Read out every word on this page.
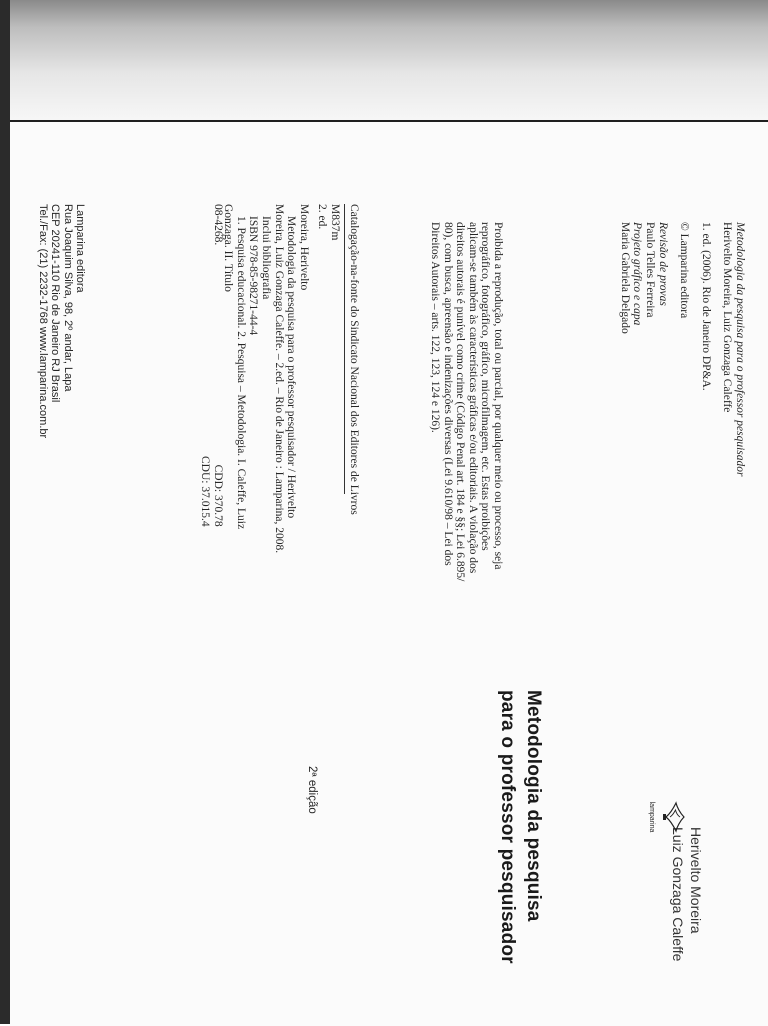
Metodologia da pesquisa para o professor pesquisador
Herivelto Moreira, Luiz Gonzaga Caleffe
1. ed. (2006). Rio de Janeiro DP&A.
© Lamparina editora
Revisão de provas
Paulo Telles Ferreira
Projeto gráfico e capa
Maria Gabriela Delgado
Proibida a reprodução, total ou parcial, por qualquer meio ou processo, seja
reprográfico, fotográfico, gráfico, microfilmagem, etc. Estas proibições
aplicam-se também às características gráficas e/ou editoriais. A violação dos
direitos autorais é punível como crime (Código Penal art. 184 e §§; Lei 6.895/
80), com busca, apreensão e indenizações diversas (Lei 9.610/98 – Lei dos
Direitos Autorais – arts. 122, 123, 124 e 126).
Catalogação-na-fonte do Sindicato Nacional dos Editores de Livros
M837m
2. ed.
Moreira, Herivelto
Metodologia da pesquisa para o professor pesquisador / Herivelto
Moreira, Luiz Gonzaga Caleffe. – 2.ed. – Rio de Janeiro : Lamparina, 2008.
Inclui bibliografia
ISBN 978-85-98271-44-4
1. Pesquisa educacional. 2. Pesquisa – Metodologia. I. Caleffe, Luiz
Gonzaga. II. Título
08-4268.
CDD: 370.78
CDU: 37.015.4
Lamparina editora
Rua Joaquim Silva, 98, 2º andar, Lapa
CEP 20241-110 Rio de Janeiro RJ Brasil
Tel./Fax: (21) 2232-1768 www.lamparina.com.br
Herivelto Moreira
Luiz Gonzaga Caleffe
Metodologia da pesquisa
para o professor pesquisador
2ª edição
lamparina
